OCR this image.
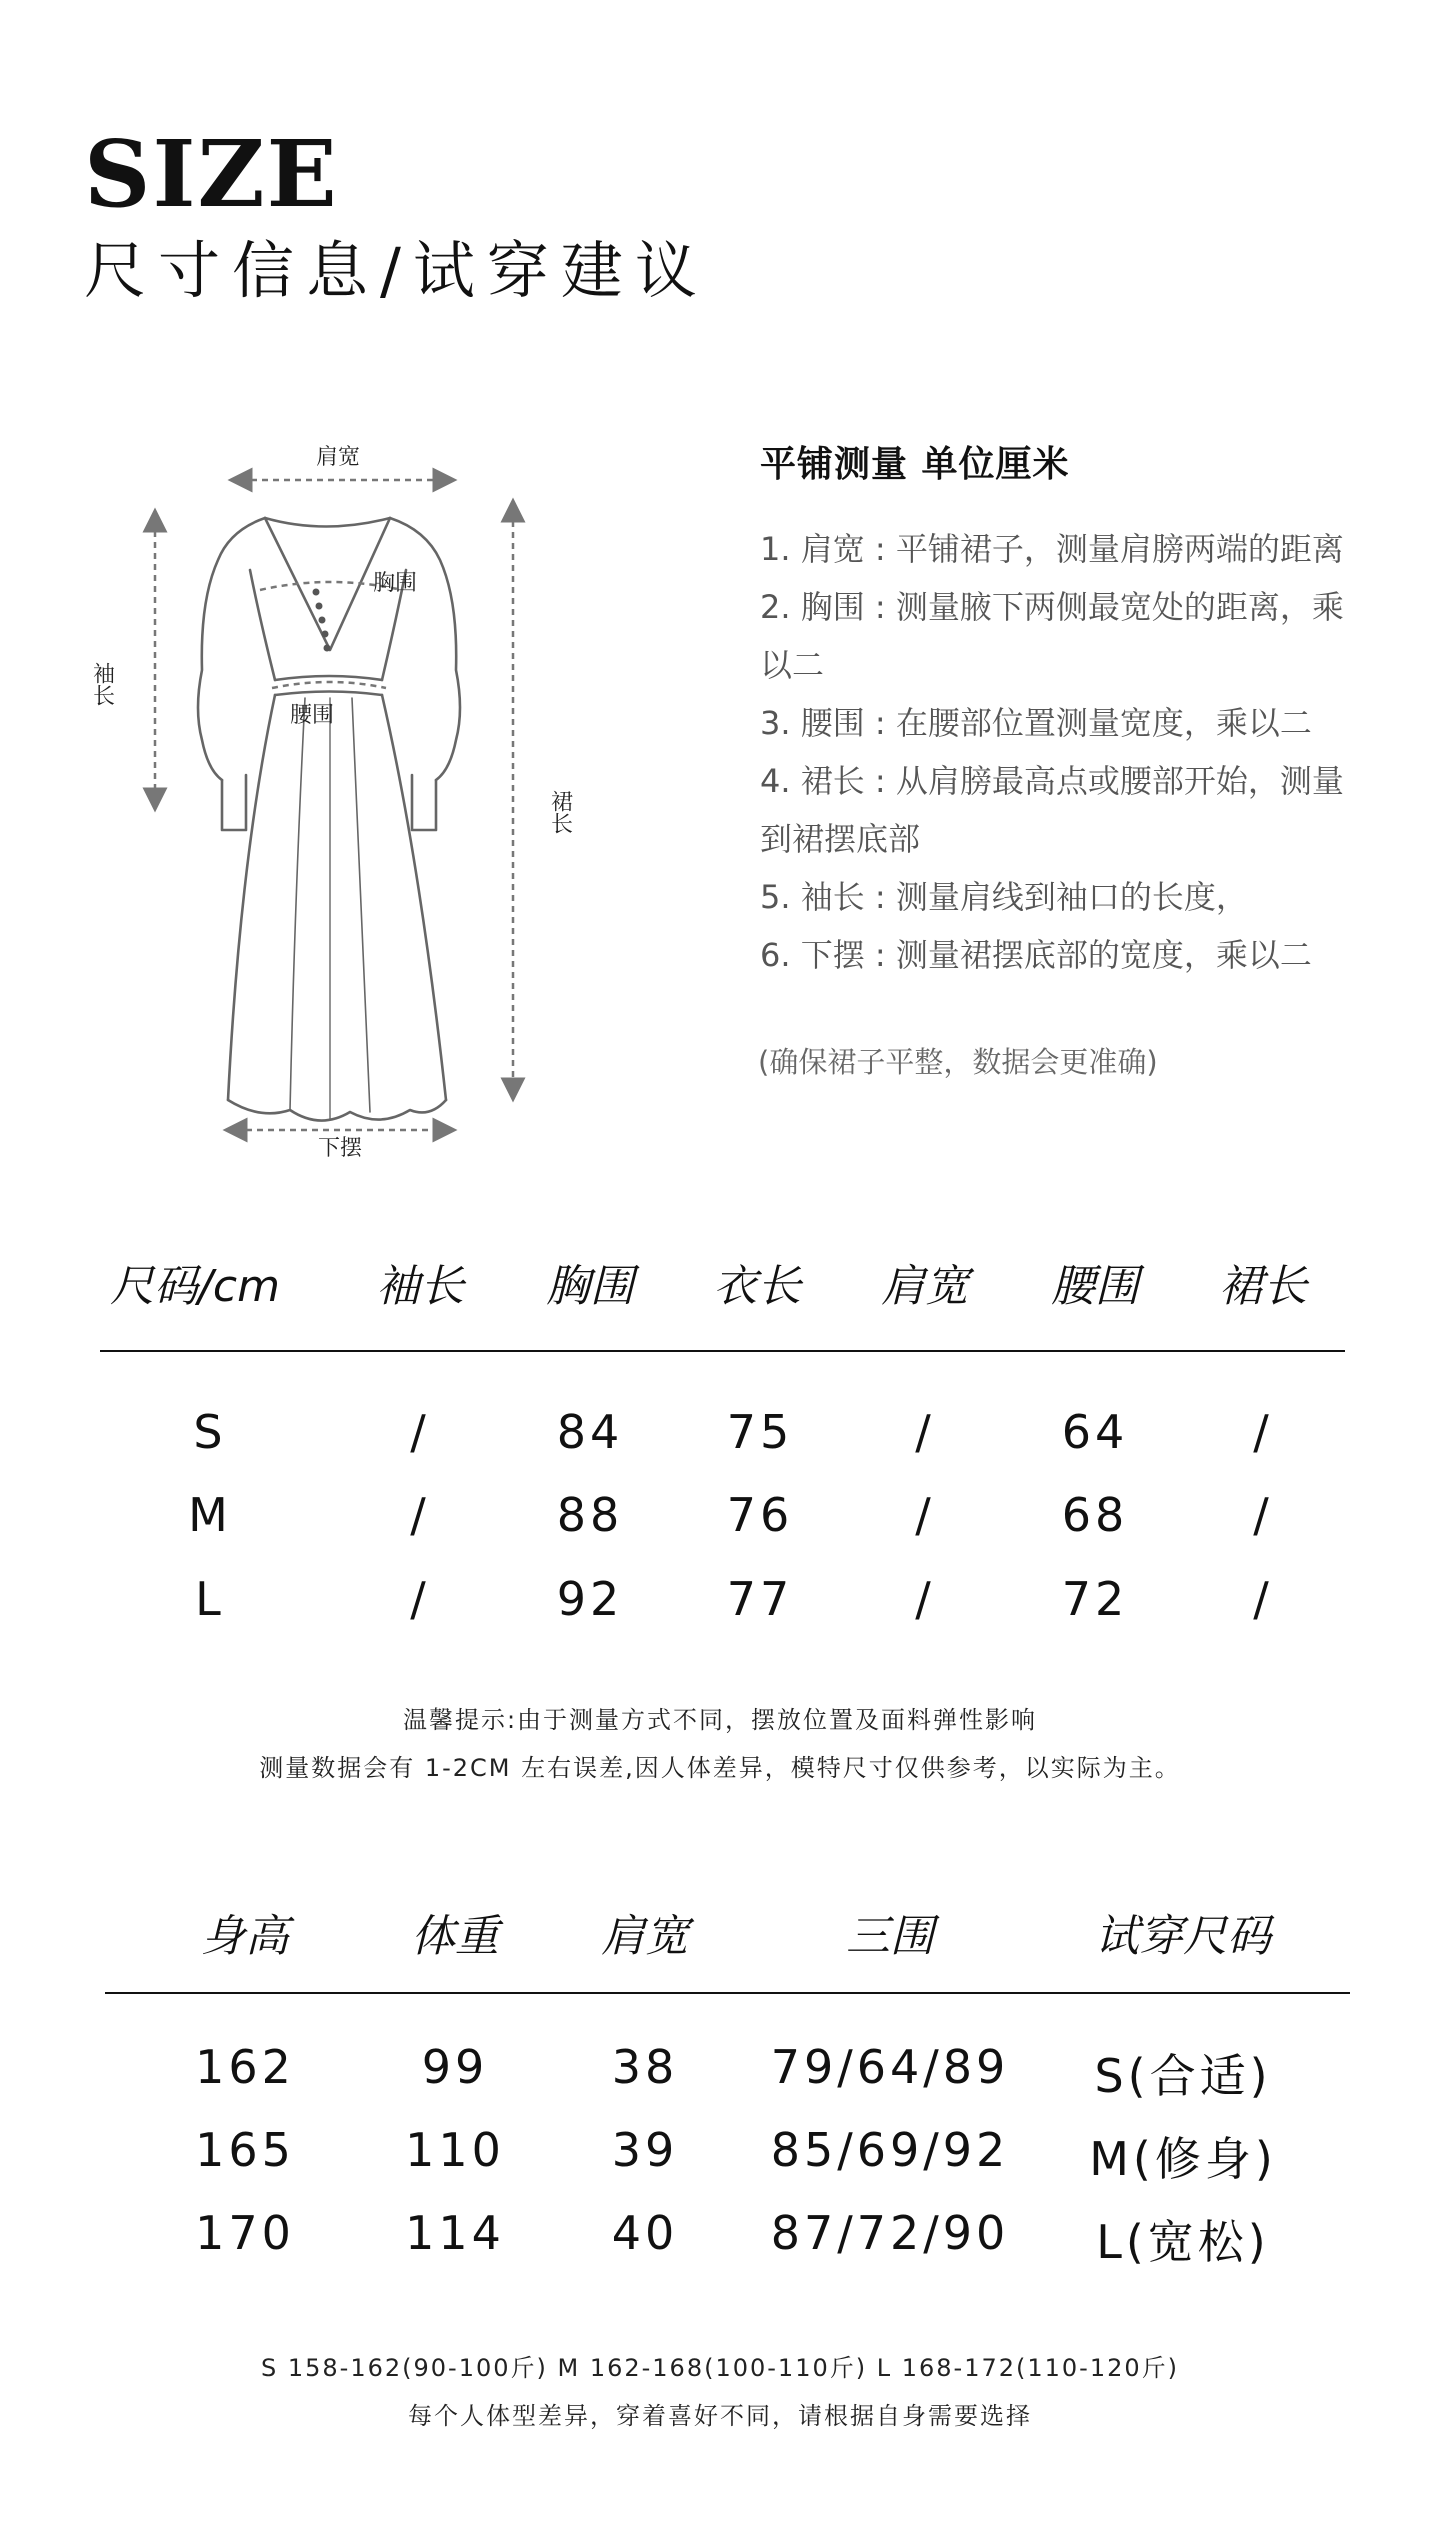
SIZE
尺寸信息/试穿建议
肩宽
胸围
腰围
下摆
袖长
裙长
平铺测量 单位厘米
1. 肩宽 : 平铺裙子，测量肩膀两端的距离
2. 胸围 : 测量腋下两侧最宽处的距离，乘
以二
3. 腰围 : 在腰部位置测量宽度，乘以二
4. 裙长 : 从肩膀最高点或腰部开始，测量
到裙摆底部
5. 袖长 : 测量肩线到袖口的长度，
6. 下摆 : 测量裙摆底部的宽度，乘以二
(确保裙子平整，数据会更准确)
尺码/cm 袖长 胸围 衣长 肩宽 腰围 裙长
S	/	84 75	/	64	/
M	/	88 76	/	68	/
L	/	92 77	/	72	/
温馨提示:由于测量方式不同，摆放位置及面料弹性影响
测量数据会有 1-2CM 左右误差,因人体差异，模特尺寸仅供参考，以实际为主。
身高	体重 肩宽	三围	试穿尺码
162	99	38 79/64/89 S(合适)
165 110 39 85/69/92 M(修身)
170 114 40 87/72/90 L(宽松)
S 158-162(90-100斤) M 162-168(100-110斤) L 168-172(110-120斤)
每个人体型差异，穿着喜好不同，请根据自身需要选择
